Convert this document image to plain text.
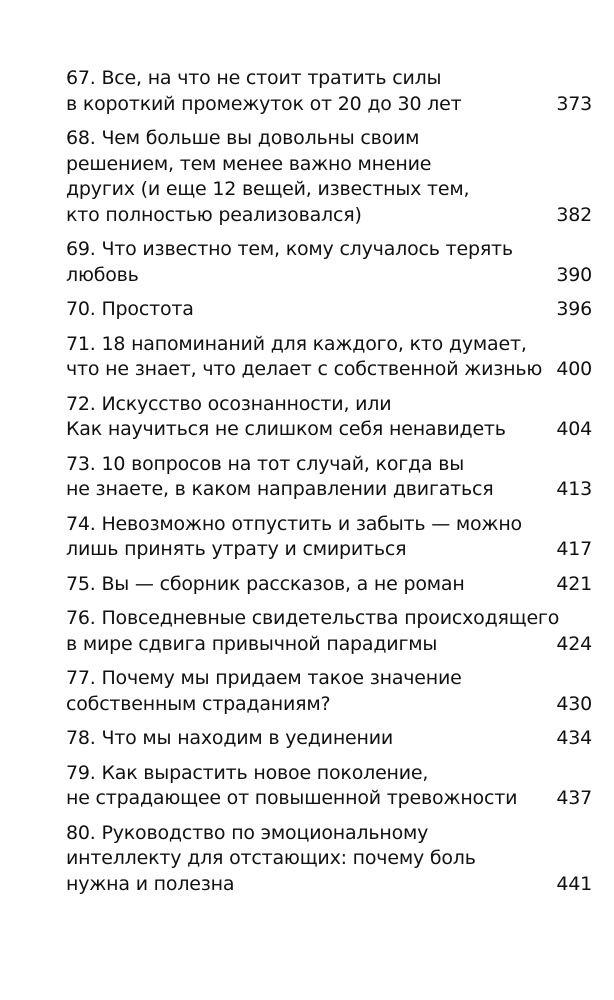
67. Все, на что не стоит тратить силы
в короткий промежуток от 20 до 30 лет	373
68. Чем больше вы довольны своим
решением, тем менее важно мнение
других (и еще 12 вещей, известных тем,
кто полностью реализовался)	382
69. Что известно тем, кому случалось терять
любовь	390
70. Простота	396
71. 18 напоминаний для каждого, кто думает,
что не знает, что делает с собственной жизнью 400
72. Искусство осознанности, или
Как научиться не слишком себя ненавидеть	404
73. 10 вопросов на тот случай, когда вы
не знаете, в каком направлении двигаться	413
74. Невозможно отпустить и забыть — можно
лишь принять утрату и смириться	417
75. Вы — сборник рассказов, а не роман	421
76. Повседневные свидетельства происходящего
в мире сдвига привычной парадигмы	424
77. Почему мы придаем такое значение
собственным страданиям?	430
78. Что мы находим в уединении	434
79. Как вырастить новое поколение,
не страдающее от повышенной тревожности	437
80. Руководство по эмоциональному
интеллекту для отстающих: почему боль
нужна и полезна	441
